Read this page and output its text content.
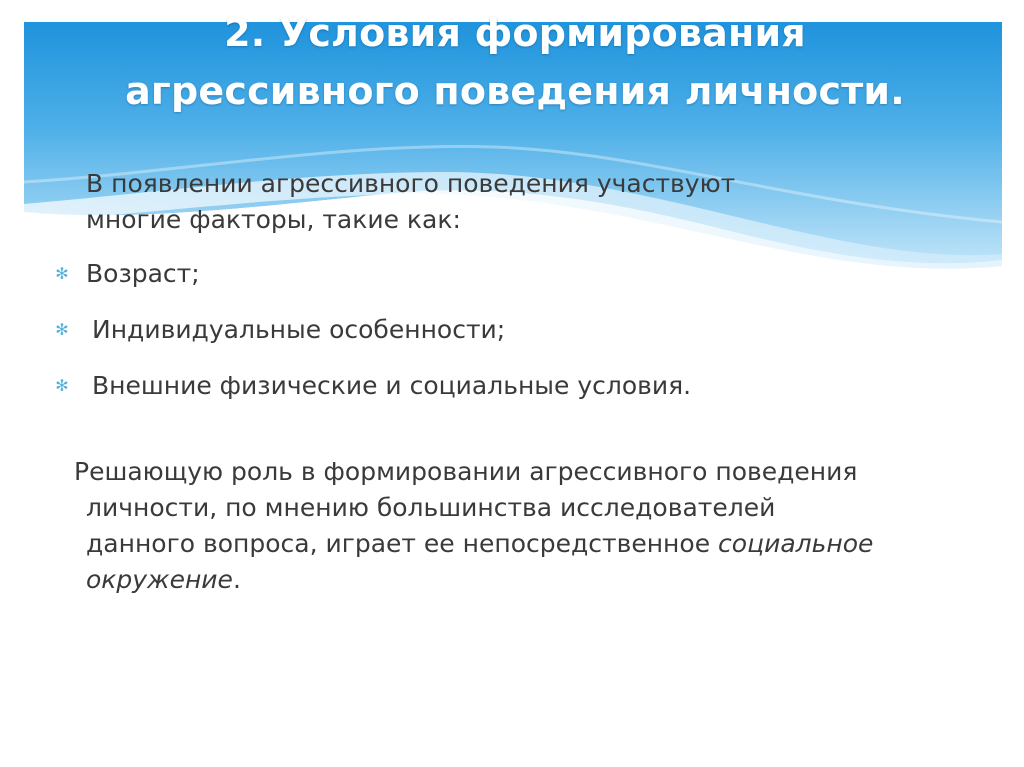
2. Условия формирования
агрессивного поведения личности.

В появлении агрессивного поведения участвуют
многие факторы, такие как:

✻ Возраст;
✻ Индивидуальные особенности;
✻ Внешние физические и социальные условия.

Решающую роль в формировании агрессивного поведения личности, по мнению большинства исследователей данного вопроса, играет ее непосредственное социальное окружение.
